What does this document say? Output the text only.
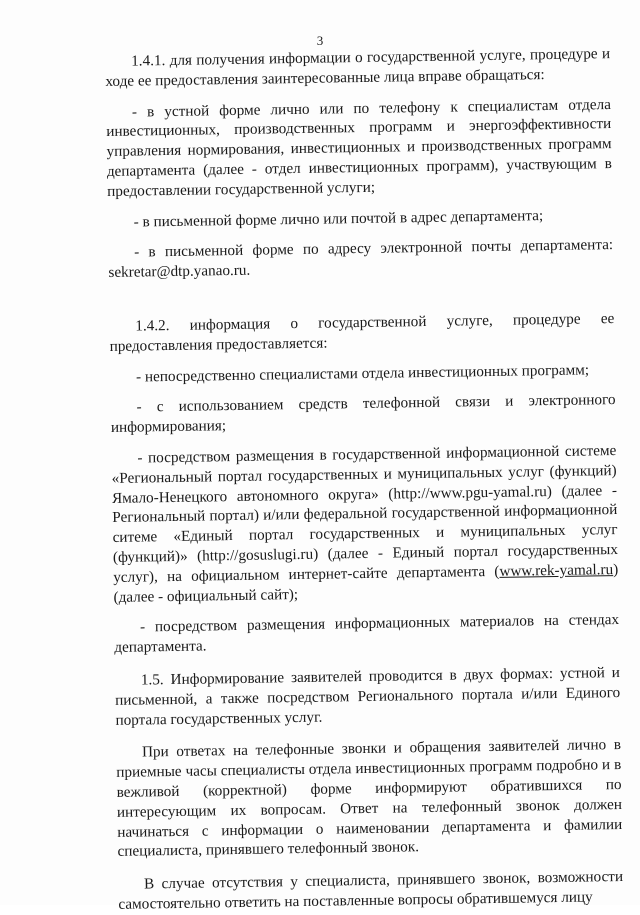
3

1.4.1. для получения информации о государственной услуге, процедуре и ходе ее предоставления заинтересованные лица вправе обращаться:

- в устной форме лично или по телефону к специалистам отдела инвестиционных, производственных программ и энергоэффективности управления нормирования, инвестиционных и производственных программ департамента (далее - отдел инвестиционных программ), участвующим в предоставлении государственной услуги;

- в письменной форме лично или почтой в адрес департамента;

- в письменной форме по адресу электронной почты департамента: sekretar@dtp.yanao.ru.

1.4.2. информация о государственной услуге, процедуре ее предоставления предоставляется:

- непосредственно специалистами отдела инвестиционных программ;

- с использованием средств телефонной связи и электронного информирования;

- посредством размещения в государственной информационной системе «Региональный портал государственных и муниципальных услуг (функций) Ямало-Ненецкого автономного округа» (http://www.pgu-yamal.ru) (далее - Региональный портал) и/или федеральной государственной информационной ситеме «Единый портал государственных и муниципальных услуг (функций)» (http://gosuslugi.ru) (далее - Единый портал государственных услуг), на официальном интернет-сайте департамента (www.rek-yamal.ru) (далее - официальный сайт);

- посредством размещения информационных материалов на стендах департамента.

1.5. Информирование заявителей проводится в двух формах: устной и письменной, а также посредством Регионального портала и/или Единого портала государственных услуг.

При ответах на телефонные звонки и обращения заявителей лично в приемные часы специалисты отдела инвестиционных программ подробно и в вежливой (корректной) форме информируют обратившихся по интересующим их вопросам. Ответ на телефонный звонок должен начинаться с информации о наименовании департамента и фамилии специалиста, принявшего телефонный звонок.

В случае отсутствия у специалиста, принявшего звонок, возможности самостоятельно ответить на поставленные вопросы обратившемуся лицу
